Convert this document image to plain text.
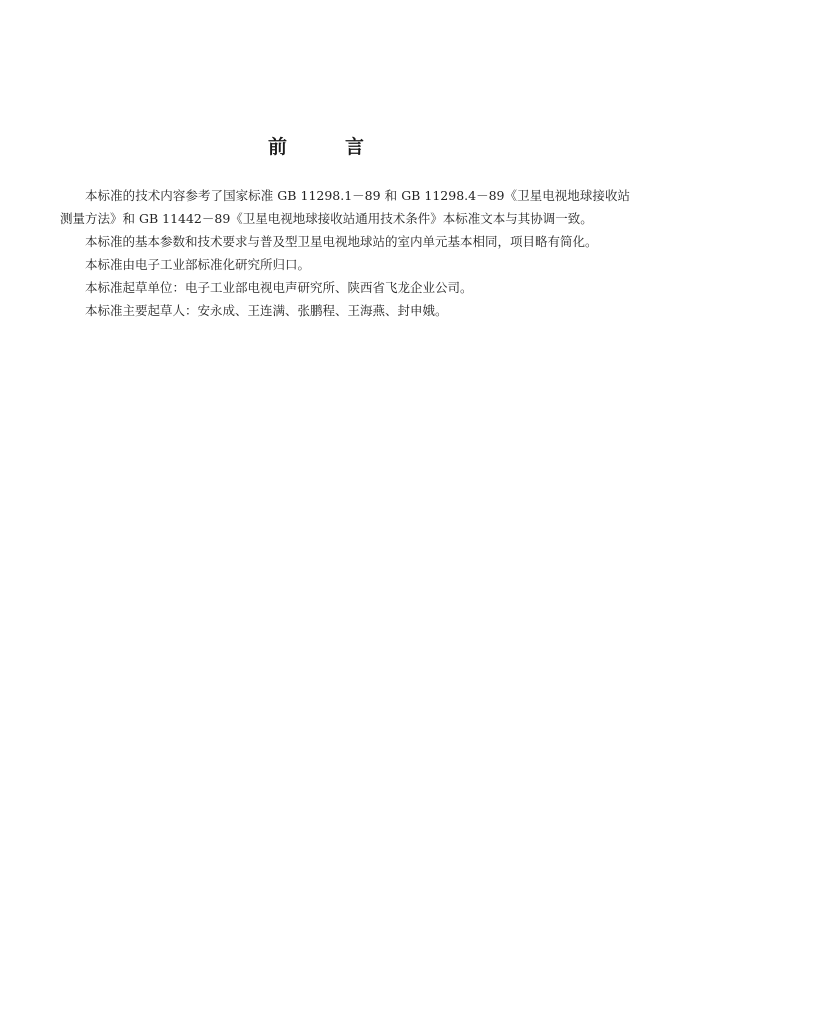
前言

本标准的技术内容参考了国家标准 GB 11298.1－89 和 GB 11298.4－89《卫星电视地球接收站测量方法》和 GB 11442－89《卫星电视地球接收站通用技术条件》本标准文本与其协调一致。

本标准的基本参数和技术要求与普及型卫星电视地球站的室内单元基本相同，项目略有简化。

本标准由电子工业部标准化研究所归口。

本标准起草单位：电子工业部电视电声研究所、陕西省飞龙企业公司。

本标准主要起草人：安永成、王连满、张鹏程、王海燕、封申娥。
